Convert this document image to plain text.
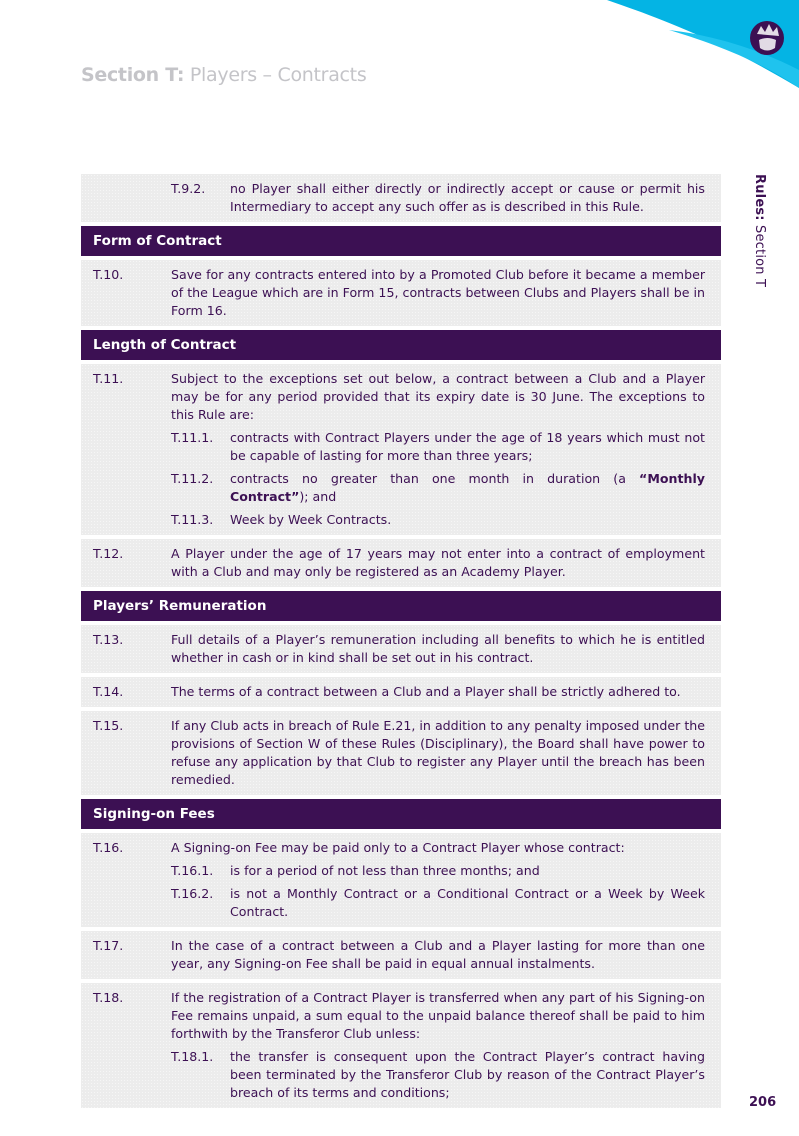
Section T: Players – Contracts
Rules: Section T
T.9.2.	no Player shall either directly or indirectly accept or cause or permit his Intermediary to accept any such offer as is described in this Rule.
Form of Contract
T.10.	Save for any contracts entered into by a Promoted Club before it became a member of the League which are in Form 15, contracts between Clubs and Players shall be in Form 16.
Length of Contract
T.11.	Subject to the exceptions set out below, a contract between a Club and a Player may be for any period provided that its expiry date is 30 June. The exceptions to this Rule are:
T.11.1.	contracts with Contract Players under the age of 18 years which must not be capable of lasting for more than three years;
T.11.2.	contracts no greater than one month in duration (a “Monthly Contract”); and
T.11.3.	Week by Week Contracts.
T.12.	A Player under the age of 17 years may not enter into a contract of employment with a Club and may only be registered as an Academy Player.
Players’ Remuneration
T.13.	Full details of a Player’s remuneration including all benefits to which he is entitled whether in cash or in kind shall be set out in his contract.
T.14.	The terms of a contract between a Club and a Player shall be strictly adhered to.
T.15.	If any Club acts in breach of Rule E.21, in addition to any penalty imposed under the provisions of Section W of these Rules (Disciplinary), the Board shall have power to refuse any application by that Club to register any Player until the breach has been remedied.
Signing-on Fees
T.16.	A Signing-on Fee may be paid only to a Contract Player whose contract:
T.16.1.	is for a period of not less than three months; and
T.16.2.	is not a Monthly Contract or a Conditional Contract or a Week by Week Contract.
T.17.	In the case of a contract between a Club and a Player lasting for more than one year, any Signing-on Fee shall be paid in equal annual instalments.
T.18.	If the registration of a Contract Player is transferred when any part of his Signing-on Fee remains unpaid, a sum equal to the unpaid balance thereof shall be paid to him forthwith by the Transferor Club unless:
T.18.1.	the transfer is consequent upon the Contract Player’s contract having been terminated by the Transferor Club by reason of the Contract Player’s breach of its terms and conditions;
206
